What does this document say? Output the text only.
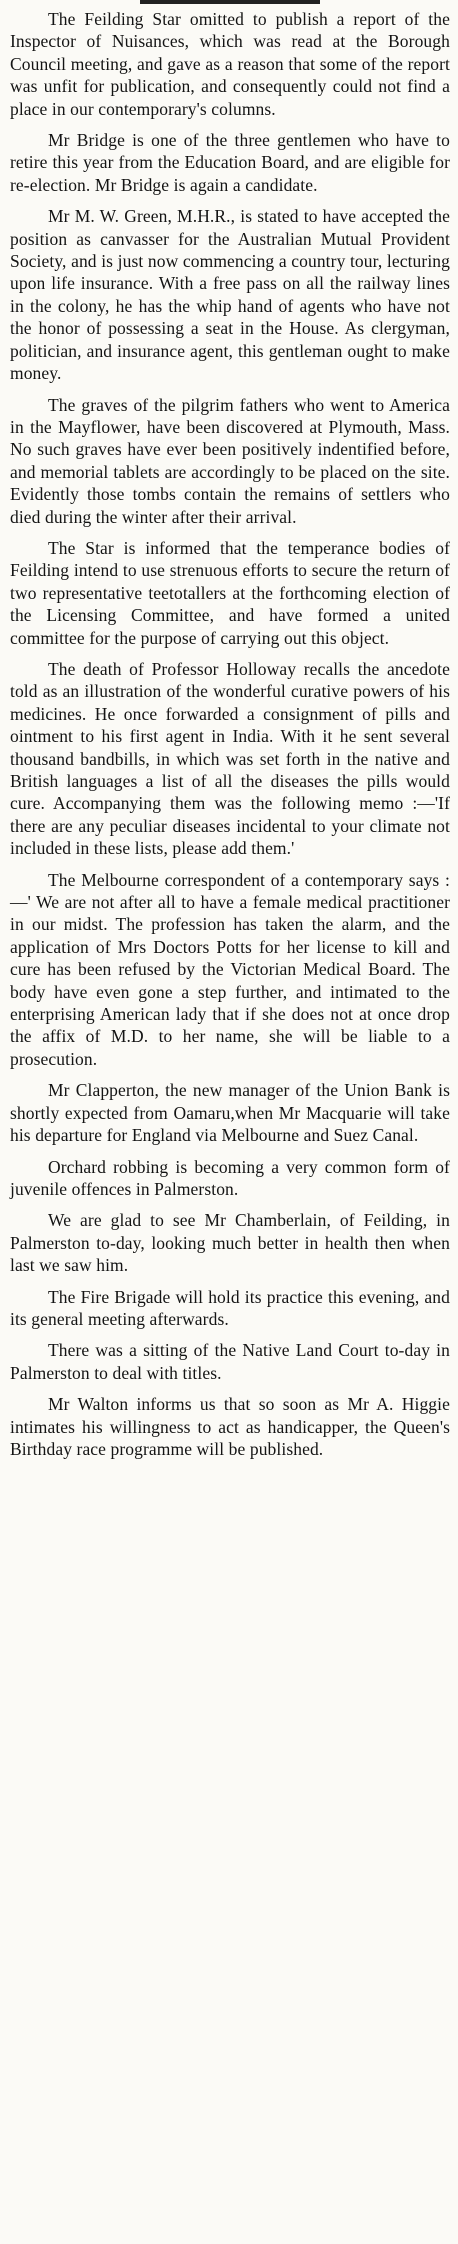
The Feilding Star omitted to publish a report of the Inspector of Nuisances, which was read at the Borough Council meeting, and gave as a reason that some of the report was unfit for publication, and consequently could not find a place in our contemporary's columns.

Mr Bridge is one of the three gentlemen who have to retire this year from the Education Board, and are eligible for re-election. Mr Bridge is again a candidate.

Mr M. W. Green, M.H.R., is stated to have accepted the position as canvasser for the Australian Mutual Provident Society, and is just now commencing a country tour, lecturing upon life insurance. With a free pass on all the railway lines in the colony, he has the whip hand of agents who have not the honor of possessing a seat in the House. As clergyman, politician, and insurance agent, this gentleman ought to make money.

The graves of the pilgrim fathers who went to America in the Mayflower, have been discovered at Plymouth, Mass. No such graves have ever been positively indentified before, and memorial tablets are accordingly to be placed on the site. Evidently those tombs contain the remains of settlers who died during the winter after their arrival.

The Star is informed that the temperance bodies of Feilding intend to use strenuous efforts to secure the return of two representative teetotallers at the forthcoming election of the Licensing Committee, and have formed a united committee for the purpose of carrying out this object.

The death of Professor Holloway recalls the ancedote told as an illustration of the wonderful curative powers of his medicines. He once forwarded a consignment of pills and ointment to his first agent in India. With it he sent several thousand bandbills, in which was set forth in the native and British languages a list of all the diseases the pills would cure. Accompanying them was the following memo :—'If there are any peculiar diseases incidental to your climate not included in these lists, please add them.'

The Melbourne correspondent of a contemporary says :—' We are not after all to have a female medical practitioner in our midst. The profession has taken the alarm, and the application of Mrs Doctors Potts for her license to kill and cure has been refused by the Victorian Medical Board. The body have even gone a step further, and intimated to the enterprising American lady that if she does not at once drop the affix of M.D. to her name, she will be liable to a prosecution.

Mr Clapperton, the new manager of the Union Bank is shortly expected from Oamaru,when Mr Macquarie will take his departure for England via Melbourne and Suez Canal.

Orchard robbing is becoming a very common form of juvenile offences in Palmerston.

We are glad to see Mr Chamberlain, of Feilding, in Palmerston to-day, looking much better in health then when last we saw him.

The Fire Brigade will hold its practice this evening, and its general meeting afterwards.

There was a sitting of the Native Land Court to-day in Palmerston to deal with titles.

Mr Walton informs us that so soon as Mr A. Higgie intimates his willingness to act as handicapper, the Queen's Birthday race programme will be published.
